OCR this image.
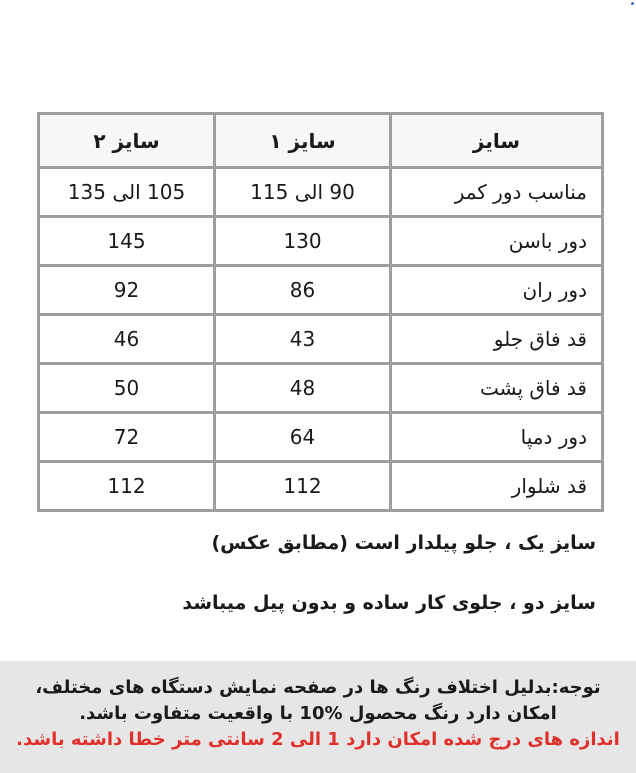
سایز	سایز ۱	سایز ۲
مناسب دور کمر	90 الی 115	105 الی 135
دور باسن	130	145
دور ران	86	92
قد فاق جلو	43	46
قد فاق پشت	48	50
دور دمپا	64	72
قد شلوار	112	112
سایز یک ، جلو پیلدار است (مطابق عکس)
سایز دو ، جلوی کار ساده و بدون پیل میباشد
توجه:بدلیل اختلاف رنگ ها در صفحه نمایش دستگاه های مختلف،
امکان دارد رنگ محصول %10 با واقعیت متفاوت باشد.
اندازه های درج شده امکان دارد 1 الی 2 سانتی متر خطا داشته باشد.
